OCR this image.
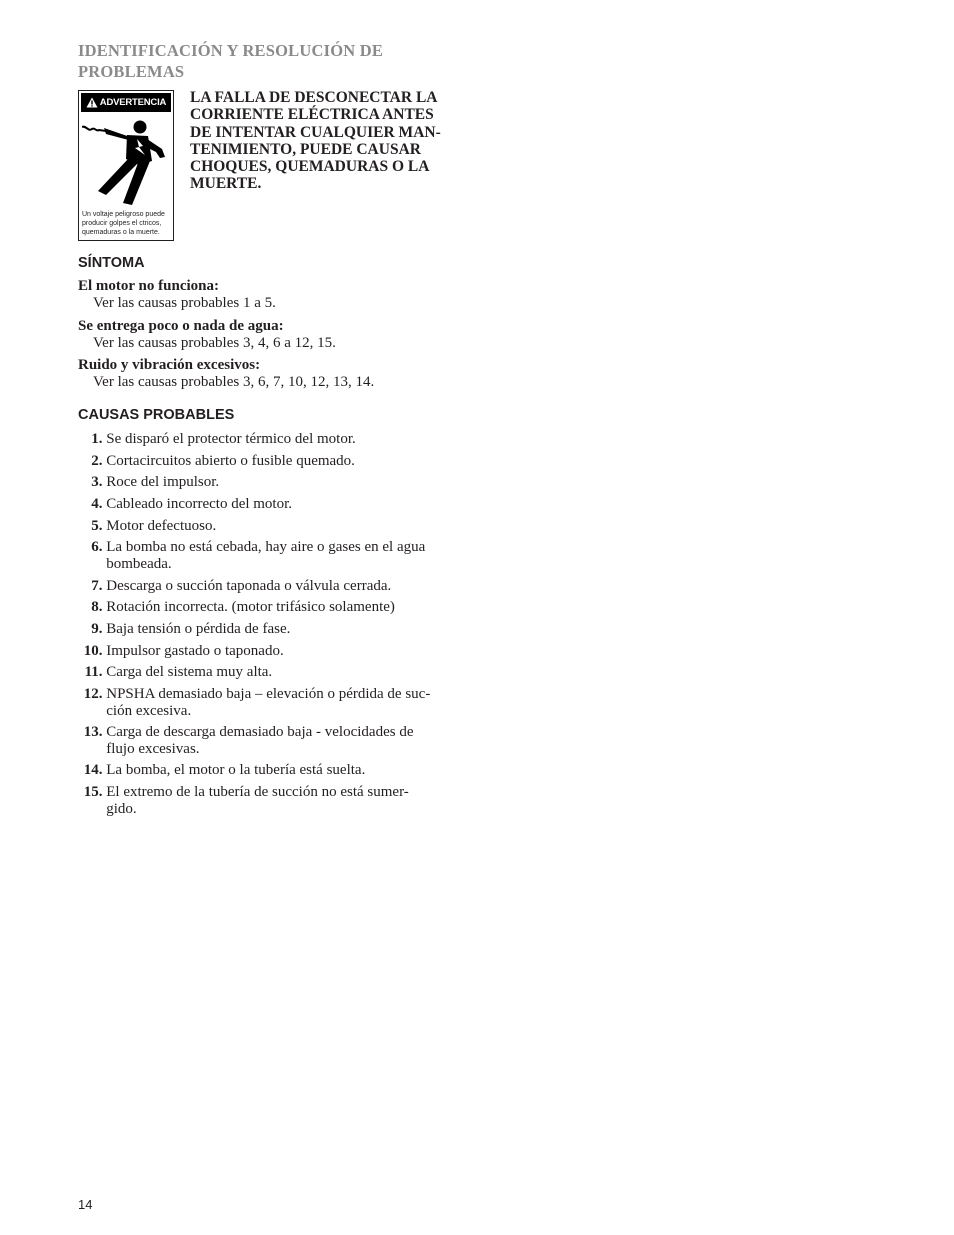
IDENTIFICACIÓN Y RESOLUCIÓN DE
PROBLEMAS
ADVERTENCIA
Un voltaje peligroso puede producir golpes el ctricos, quemaduras o la muerte.

LA FALLA DE DESCONECTAR LA
CORRIENTE ELÉCTRICA ANTES
DE INTENTAR CUALQUIER MAN-
TENIMIENTO, PUEDE CAUSAR
CHOQUES, QUEMADURAS O LA
MUERTE.

SÍNTOMA
El motor no funciona:
Ver las causas probables 1 a 5.
Se entrega poco o nada de agua:
Ver las causas probables 3, 4, 6 a 12, 15.
Ruido y vibración excesivos:
Ver las causas probables 3, 6, 7, 10, 12, 13, 14.
CAUSAS PROBABLES
1.
Se disparó el protector térmico del motor.
2.
Cortacircuitos abierto o fusible quemado.
3.
Roce del impulsor.
4.
Cableado incorrecto del motor.
5.
Motor defectuoso.
6.
La bomba no está cebada, hay aire o gases en el agua
bombeada.
7.
Descarga o succión taponada o válvula cerrada.
8.
Rotación incorrecta. (motor trifásico solamente)
9.
Baja tensión o pérdida de fase.
10.
Impulsor gastado o taponado.
11.
Carga del sistema muy alta.
12.
NPSHA demasiado baja – elevación o pérdida de suc-
ción excesiva.
13.
Carga de descarga demasiado baja - velocidades de
flujo excesivas.
14.
La bomba, el motor o la tubería está suelta.
15.
El extremo de la tubería de succión no está sumer-
gido.
14
